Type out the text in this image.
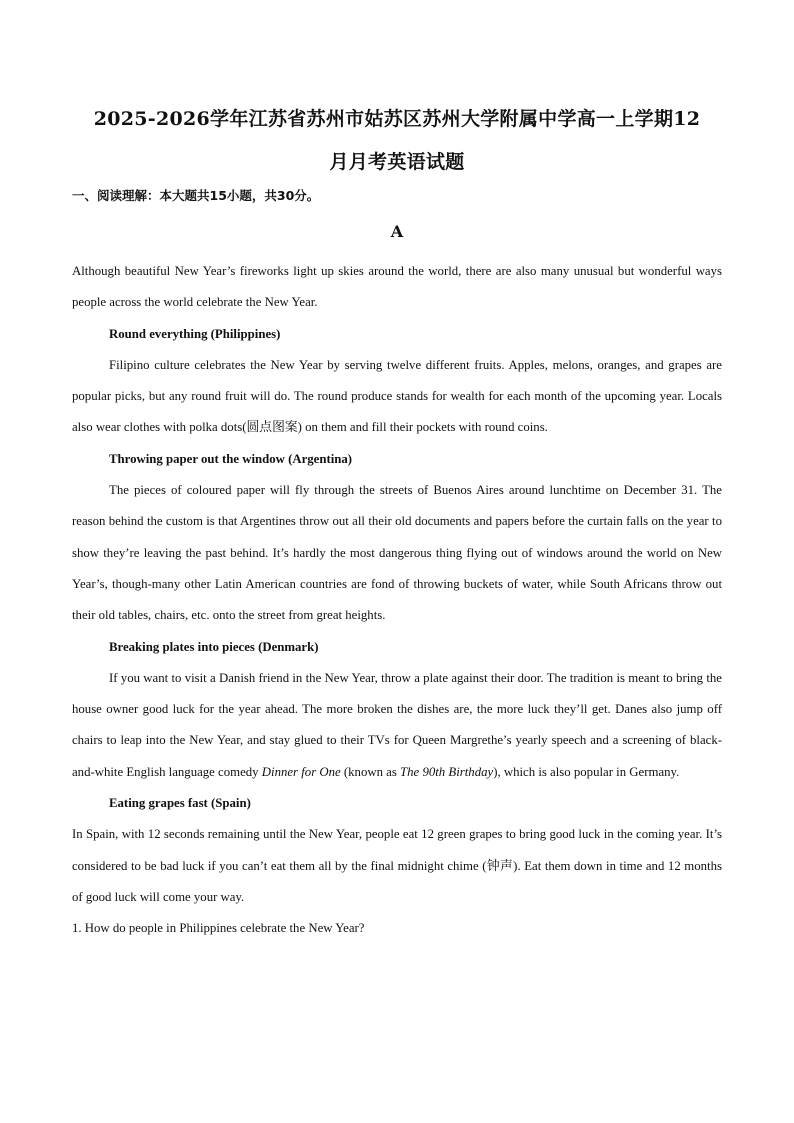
2025-2026学年江苏省苏州市姑苏区苏州大学附属中学高一上学期12
月月考英语试题
一、阅读理解：本大题共15小题，共30分。
A

Although beautiful New Year’s fireworks light up skies around the world, there are also many unusual but wonderful ways people across the world celebrate the New Year.

Round everything (Philippines)

Filipino culture celebrates the New Year by serving twelve different fruits. Apples, melons, oranges, and grapes are popular picks, but any round fruit will do. The round produce stands for wealth for each month of the upcoming year. Locals also wear clothes with polka dots(圆点图案) on them and fill their pockets with round coins.

Throwing paper out the window (Argentina)

The pieces of coloured paper will fly through the streets of Buenos Aires around lunchtime on December 31. The reason behind the custom is that Argentines throw out all their old documents and papers before the curtain falls on the year to show they’re leaving the past behind. It’s hardly the most dangerous thing flying out of windows around the world on New Year’s, though-many other Latin American countries are fond of throwing buckets of water, while South Africans throw out their old tables, chairs, etc. onto the street from great heights.

Breaking plates into pieces (Denmark)

If you want to visit a Danish friend in the New Year, throw a plate against their door. The tradition is meant to bring the house owner good luck for the year ahead. The more broken the dishes are, the more luck they’ll get. Danes also jump off chairs to leap into the New Year, and stay glued to their TVs for Queen Margrethe’s yearly speech and a screening of black-and-white English language comedy Dinner for One (known as The 90th Birthday), which is also popular in Germany.

Eating grapes fast (Spain)

In Spain, with 12 seconds remaining until the New Year, people eat 12 green grapes to bring good luck in the coming year. It’s considered to be bad luck if you can’t eat them all by the final midnight chime (钟声). Eat them down in time and 12 months of good luck will come your way.

1. How do people in Philippines celebrate the New Year?
